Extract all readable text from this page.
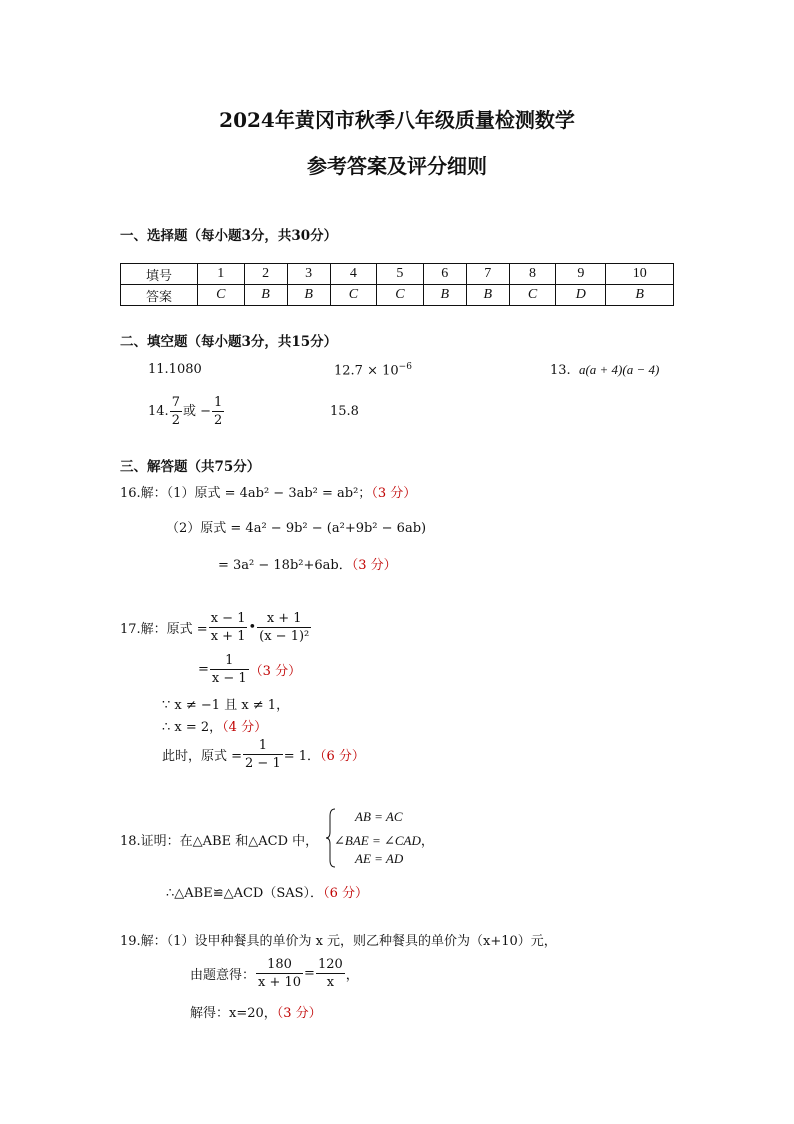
2024年黄冈市秋季八年级质量检测数学
参考答案及评分细则
一、选择题（每小题3分，共30分）
填号	1	2	3	4	5	6	7	8	9	10
答案	C	B	B	C	C	B	B	C	D	B
二、填空题（每小题3分，共15分）
11.1080	$12.7 \times 10^{-6}$	13. a(a + 4)(a − 4)
14. $\frac{7}{2}$ 或 − $\frac{1}{2}$	15.8
三、解答题（共75分）
16.解：（1）原式 = 4ab² − 3ab² = ab²；（3 分）
（2）原式 = 4a² − 9b² − (a²+9b² − 6ab)
= 3a² − 18b²+6ab．（3 分）
17.解：原式 = $\frac{x - 1}{x + 1}$ • $\frac{x + 1}{\text{(x − 1)²}}$
= $\frac{1}{x - 1} (3$ 分）
∵ x ≠ −1 且 x ≠ 1，
∴ x = 2，（4 分）
此时，原式 = $\frac{1}{2 - 1} = 1$．（6 分）
18.证明：在△ABE 和△ACD 中，
AB = AC
∠BAE = ∠CAD，
AE = AD
∴△ABE≌△ACD（SAS）．（6 分）
19.解：（1）设甲种餐具的单价为 x 元，则乙种餐具的单价为（x+10）元，
由题意得： $\frac{180}{x + 10} = \frac{120}{x}$ ，
解得：x=20，（3 分）
